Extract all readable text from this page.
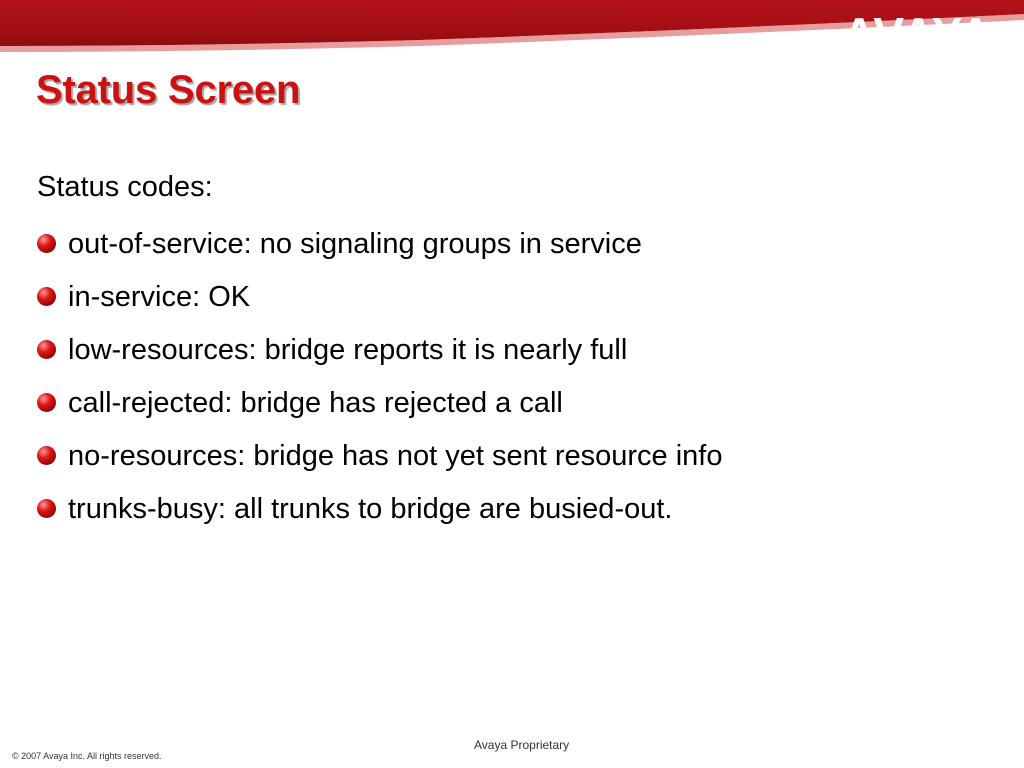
AVAYA
Status Screen

Status codes:

out-of-service: no signaling groups in service
in-service: OK
low-resources: bridge reports it is nearly full
call-rejected: bridge has rejected a call
no-resources: bridge has not yet sent resource info
trunks-busy: all trunks to bridge are busied-out.
Avaya Proprietary
© 2007 Avaya Inc. All rights reserved.
